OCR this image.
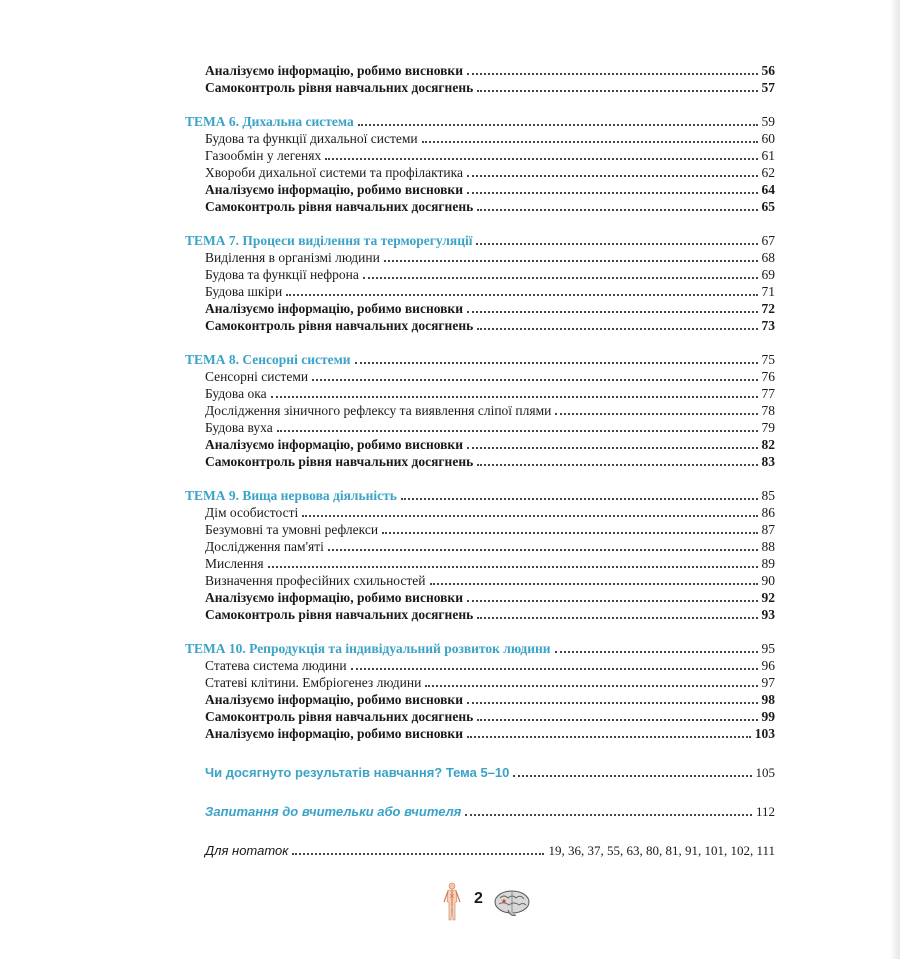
Аналізуємо інформацію, робимо висновки	56
Самоконтроль рівня навчальних досягнень	57
ТЕМА 6. Дихальна система	59
Будова та функції дихальної системи	60
Газообмін у легенях	61
Хвороби дихальної системи та профілактика	62
Аналізуємо інформацію, робимо висновки	64
Самоконтроль рівня навчальних досягнень	65
ТЕМА 7. Процеси виділення та терморегуляції	67
Виділення в організмі людини	68
Будова та функції нефрона	69
Будова шкіри	71
Аналізуємо інформацію, робимо висновки	72
Самоконтроль рівня навчальних досягнень	73
ТЕМА 8. Сенсорні системи	75
Сенсорні системи	76
Будова ока	77
Дослідження зіничного рефлексу та виявлення сліпої плями	78
Будова вуха	79
Аналізуємо інформацію, робимо висновки	82
Самоконтроль рівня навчальних досягнень	83
ТЕМА 9. Вища нервова діяльність	85
Дім особистості	86
Безумовні та умовні рефлекси	87
Дослідження пам'яті	88
Мислення	89
Визначення професійних схильностей	90
Аналізуємо інформацію, робимо висновки	92
Самоконтроль рівня навчальних досягнень	93
ТЕМА 10. Репродукція та індивідуальний розвиток людини	95
Статева система людини	96
Статеві клітини. Ембріогенез людини	97
Аналізуємо інформацію, робимо висновки	98
Самоконтроль рівня навчальних досягнень	99
Аналізуємо інформацію, робимо висновки	103
Чи досягнуто результатів навчання? Тема 5–10	105
Запитання до вчительки або вчителя	112
Для нотаток	19, 36, 37, 55, 63, 80, 81, 91, 101, 102, 111
2
